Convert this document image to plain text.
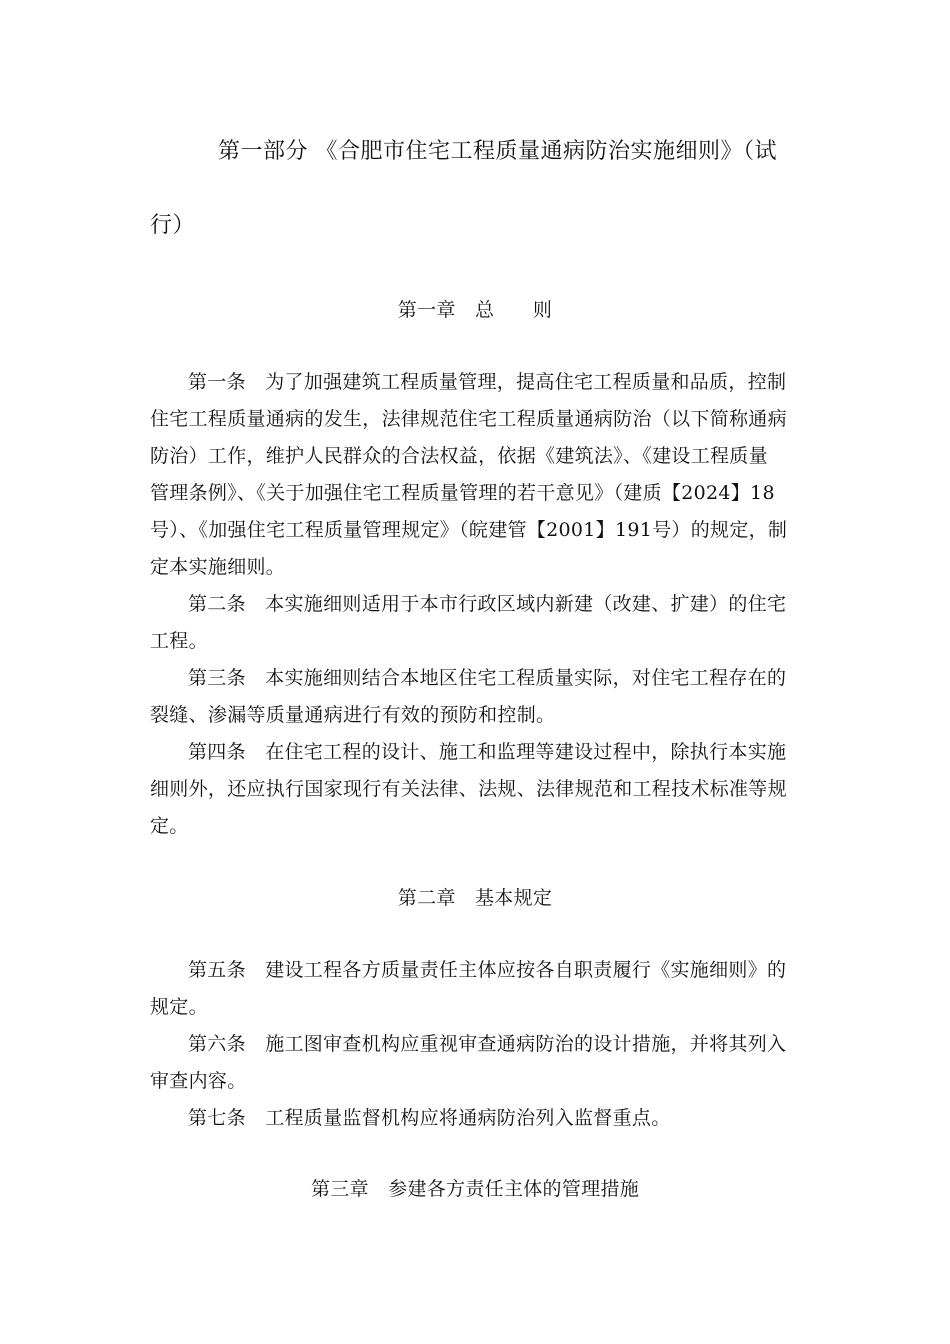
第一部分 《合肥市住宅工程质量通病防治实施细则》（试
行）
第一章　总　　则
第一条　为了加强建筑工程质量管理，提高住宅工程质量和品质，控制
住宅工程质量通病的发生，法律规范住宅工程质量通病防治（以下简称通病
防治）工作，维护人民群众的合法权益，依据《建筑法》、《建设工程质量
管理条例》、《关于加强住宅工程质量管理的若干意见》（建质【2024】18
号）、《加强住宅工程质量管理规定》（皖建管【2001】191号）的规定，制
定本实施细则。
第二条　本实施细则适用于本市行政区域内新建（改建、扩建）的住宅
工程。
第三条　本实施细则结合本地区住宅工程质量实际，对住宅工程存在的
裂缝、渗漏等质量通病进行有效的预防和控制。
第四条　在住宅工程的设计、施工和监理等建设过程中，除执行本实施
细则外，还应执行国家现行有关法律、法规、法律规范和工程技术标准等规
定。
第二章　基本规定
第五条　建设工程各方质量责任主体应按各自职责履行《实施细则》的
规定。
第六条　施工图审查机构应重视审查通病防治的设计措施，并将其列入
审查内容。
第七条　工程质量监督机构应将通病防治列入监督重点。
第三章　参建各方责任主体的管理措施
